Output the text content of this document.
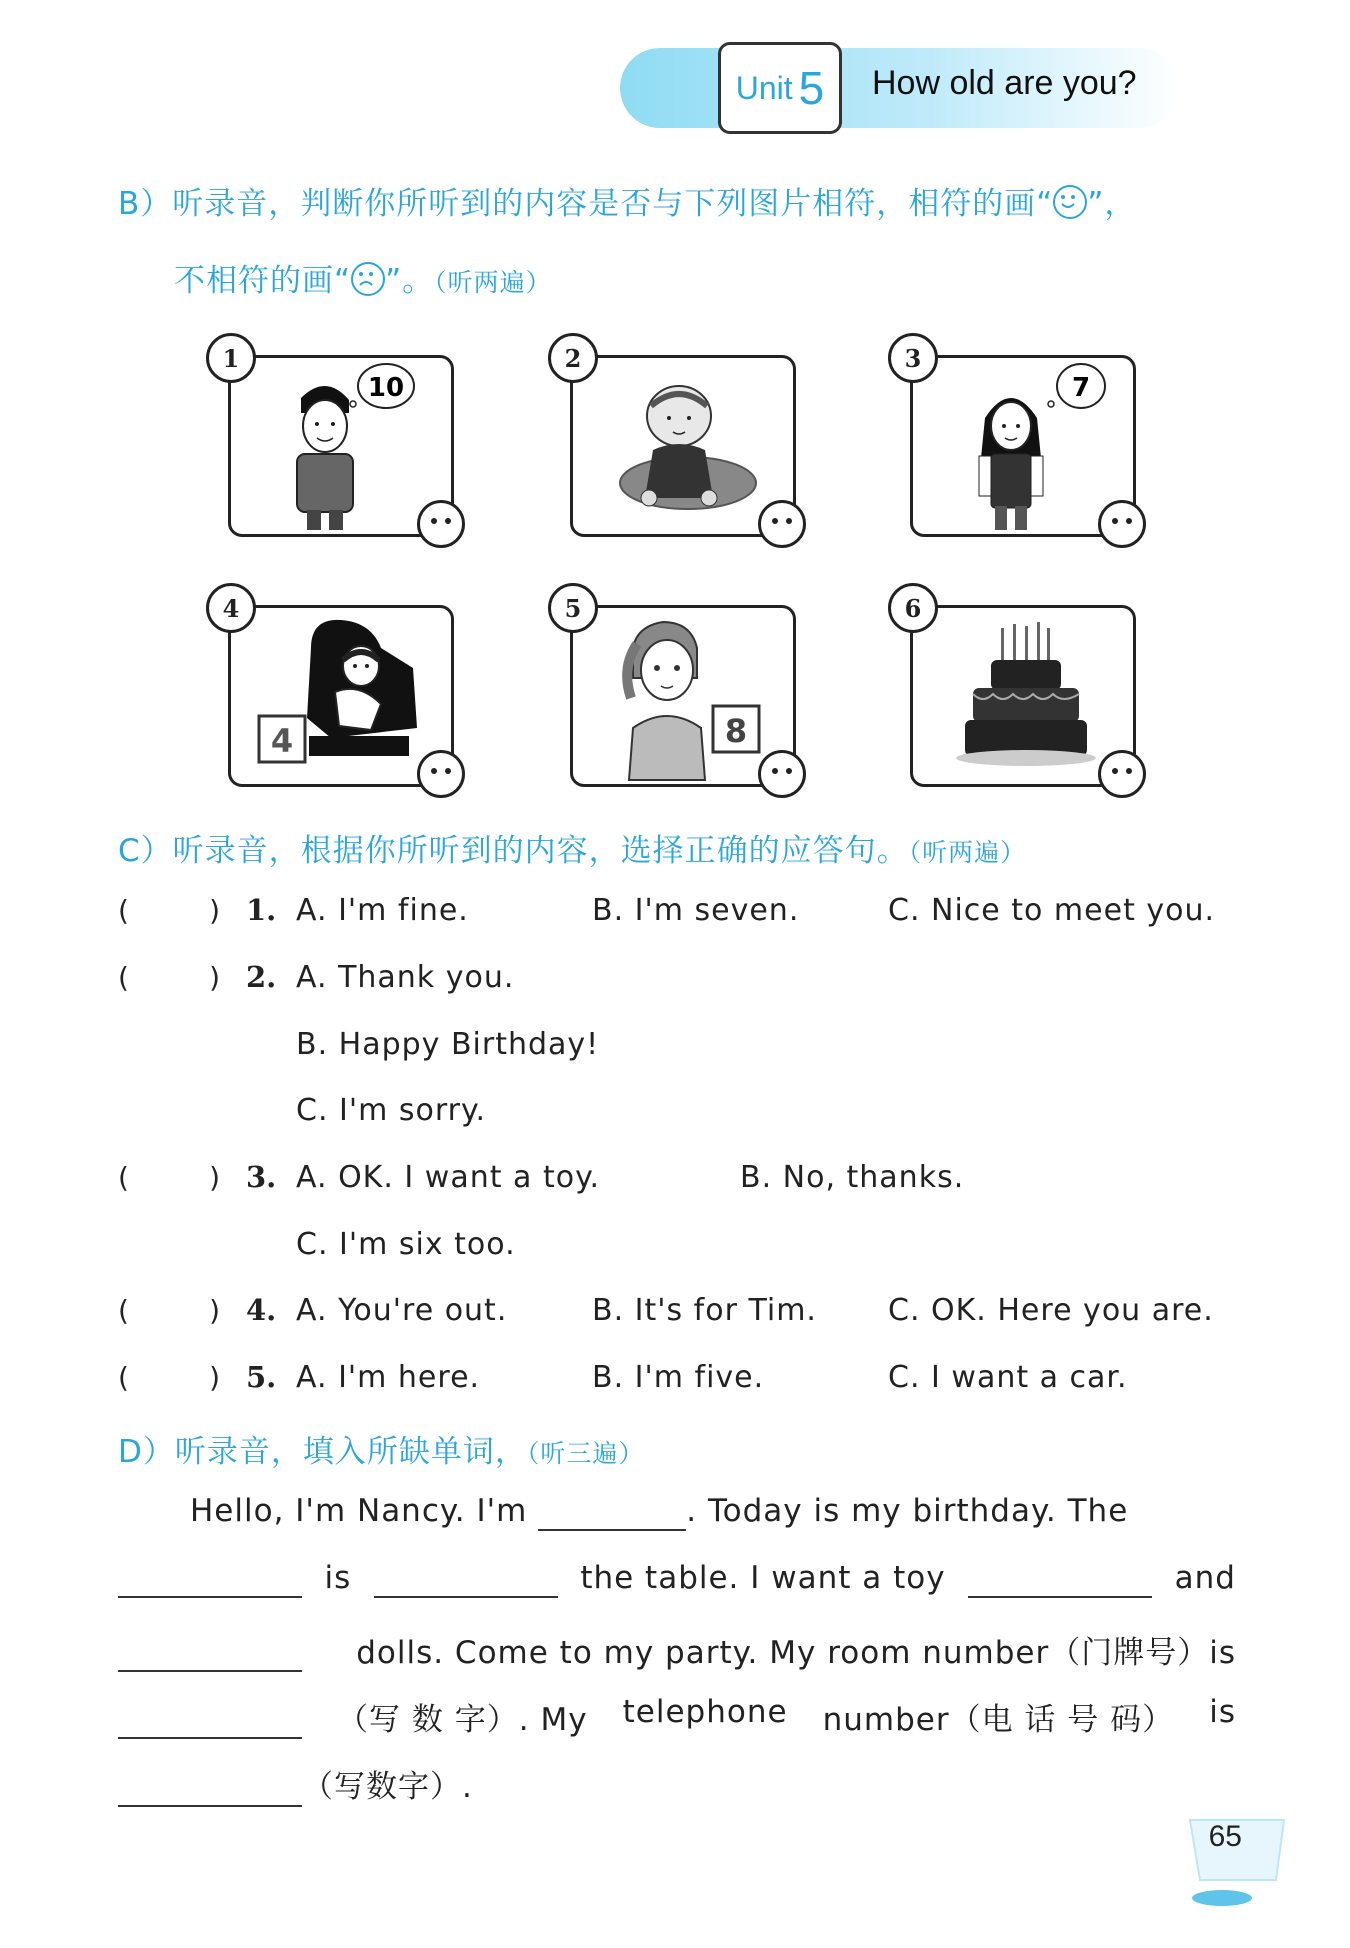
Unit 5 How old are you?
B）听录音，判断你所听到的内容是否与下列图片相符，相符的画“ ”，
不相符的画“ ”。（听两遍）
10
1	2
7
3
4
4
8
5	6
C）听录音，根据你所听到的内容，选择正确的应答句。（听两遍）
(        ) 1. A. I'm fine.	B. I'm seven.	C. Nice to meet you.
(        ) 2. A. Thank you.
B. Happy Birthday!
C. I'm sorry.
(        ) 3. A. OK. I want a toy.	B. No, thanks.
C. I'm six too.
(        ) 4. A. You're out.	B. It's for Tim. C. OK. Here you are.
(        ) 5. A. I'm here.	B. I'm five.	C. I want a car.
D）听录音，填入所缺单词，（听三遍）
Hello, I'm Nancy. I'm	. Today is my birthday. The

is
	the table. I want a toy
	and

dolls. Come to my party. My room number（门牌号）is

（写 数 字）. My telephone number（电 话 号 码） is
（写数字）.
65
